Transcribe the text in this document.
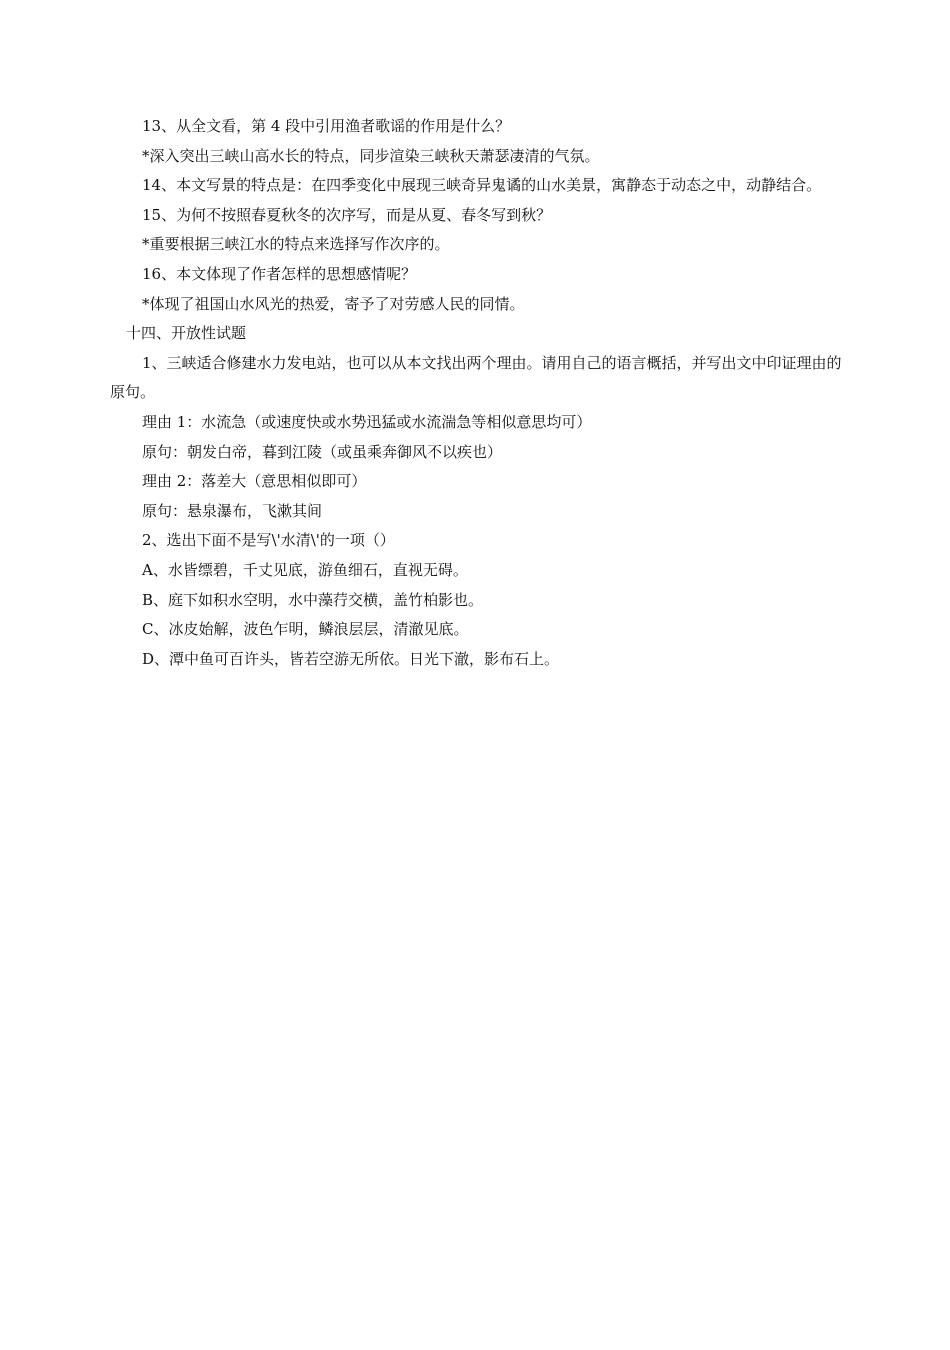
13、从全文看，第 4 段中引用渔者歌谣的作用是什么？

*深入突出三峡山高水长的特点，同步渲染三峡秋天萧瑟凄清的气氛。

14、本文写景的特点是：在四季变化中展现三峡奇异鬼谲的山水美景，寓静态于动态之中，动静结合。

15、为何不按照春夏秋冬的次序写，而是从夏、春冬写到秋？

*重要根据三峡江水的特点来选择写作次序的。

16、本文体现了作者怎样的思想感情呢？

*体现了祖国山水风光的热爱，寄予了对劳感人民的同情。

十四、开放性试题

1、三峡适合修建水力发电站，也可以从本文找出两个理由。请用自己的语言概括，并写出文中印证理由的原句。

理由 1：水流急（或速度快或水势迅猛或水流湍急等相似意思均可）

原句：朝发白帝，暮到江陵（或虽乘奔御风不以疾也）

理由 2：落差大（意思相似即可）

原句：悬泉瀑布，飞漱其间

2、选出下面不是写\'水清\'的一项（）

A、水皆缥碧，千丈见底，游鱼细石，直视无碍。

B、庭下如积水空明，水中藻荇交横，盖竹柏影也。

C、冰皮始解，波色乍明，鳞浪层层，清澈见底。

D、潭中鱼可百许头，皆若空游无所依。日光下澈，影布石上。
